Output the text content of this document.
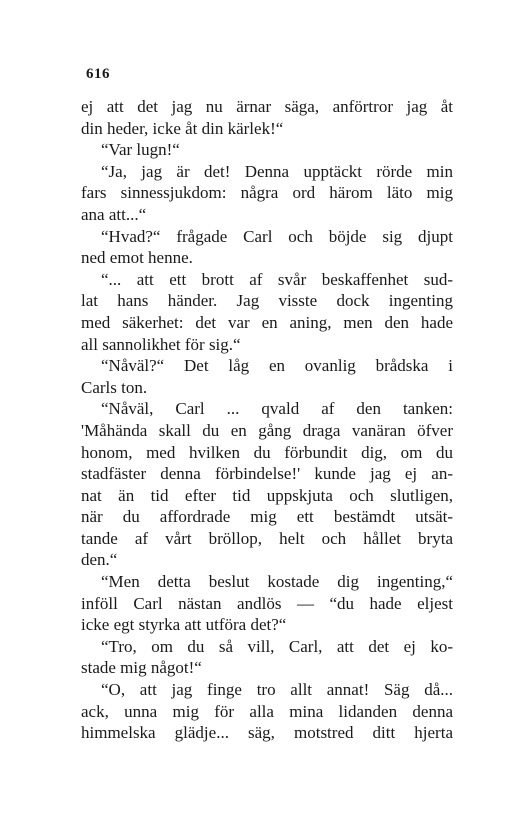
616
ej att det jag nu ärnar säga, anförtror jag åt
din heder, icke åt din kärlek!“
“Var lugn!“
“Ja, jag är det! Denna upptäckt rörde min
fars sinnessjukdom: några ord härom läto mig
ana att...“
“Hvad?“ frågade Carl och böjde sig djupt
ned emot henne.
“... att ett brott af svår beskaffenhet sud-
lat hans händer. Jag visste dock ingenting
med säkerhet: det var en aning, men den hade
all sannolikhet för sig.“
“Nåväl?“ Det låg en ovanlig brådska i
Carls ton.
“Nåväl, Carl ... qvald af den tanken:
'Måhända skall du en gång draga vanäran öfver
honom, med hvilken du förbundit dig, om du
stadfäster denna förbindelse!' kunde jag ej an-
nat än tid efter tid uppskjuta och slutligen,
när du affordrade mig ett bestämdt utsät-
tande af vårt bröllop, helt och hållet bryta
den.“
“Men detta beslut kostade dig ingenting,“
inföll Carl nästan andlös — “du hade eljest
icke egt styrka att utföra det?“
“Tro, om du så vill, Carl, att det ej ko-
stade mig något!“
“O, att jag finge tro allt annat! Säg då...
ack, unna mig för alla mina lidanden denna
himmelska glädje... säg, motstred ditt hjerta
